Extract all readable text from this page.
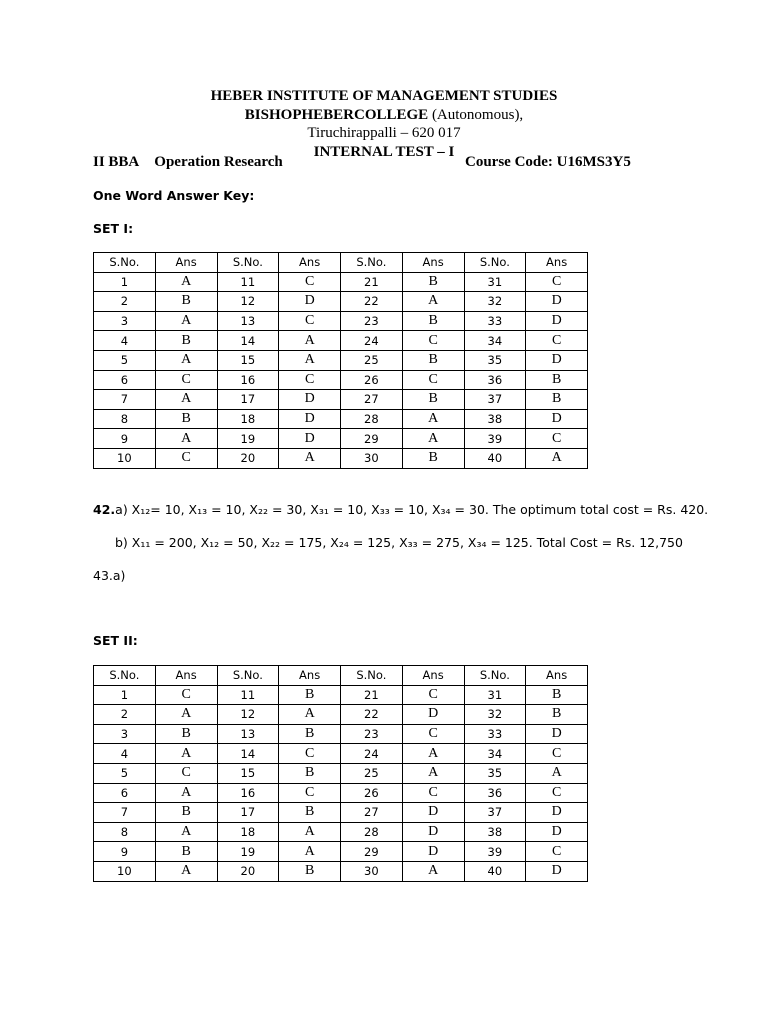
HEBER INSTITUTE OF MANAGEMENT STUDIES
BISHOPHEBERCOLLEGE (Autonomous),
Tiruchirappalli – 620 017
INTERNAL TEST – I
II BBA Operation Research	Course Code: U16MS3Y5
One Word Answer Key:
SET I:
S.No.	Ans	S.No.	Ans	S.No.	Ans	S.No.	Ans
1	A	11	C	21	B	31	C
2	B	12	D	22	A	32	D
3	A	13	C	23	B	33	D
4	B	14	A	24	C	34	C
5	A	15	A	25	B	35	D
6	C	16	C	26	C	36	B
7	A	17	D	27	B	37	B
8	B	18	D	28	A	38	D
9	A	19	D	29	A	39	C
10	C	20	A	30	B	40	A
42.a) X₁₂= 10, X₁₃ = 10, X₂₂ = 30, X₃₁ = 10, X₃₃ = 10, X₃₄ = 30. The optimum total cost = Rs. 420.
b) X₁₁ = 200, X₁₂ = 50, X₂₂ = 175, X₂₄ = 125, X₃₃ = 275, X₃₄ = 125. Total Cost = Rs. 12,750
43.a)
SET II:
S.No.	Ans	S.No.	Ans	S.No.	Ans	S.No.	Ans
1	C	11	B	21	C	31	B
2	A	12	A	22	D	32	B
3	B	13	B	23	C	33	D
4	A	14	C	24	A	34	C
5	C	15	B	25	A	35	A
6	A	16	C	26	C	36	C
7	B	17	B	27	D	37	D
8	A	18	A	28	D	38	D
9	B	19	A	29	D	39	C
10	A	20	B	30	A	40	D
